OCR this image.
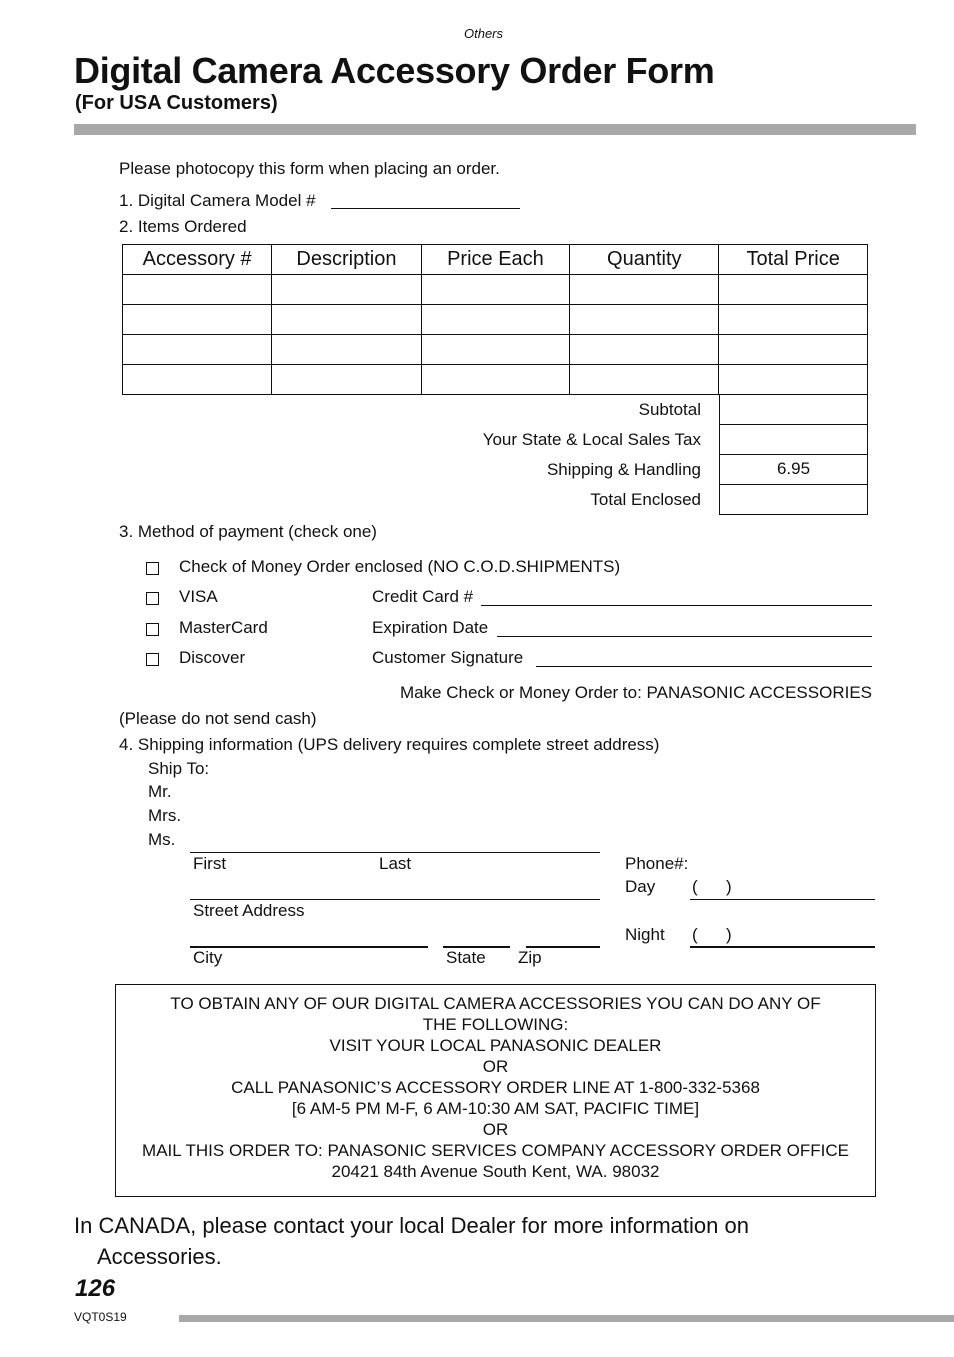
Others
Digital Camera Accessory Order Form
(For USA Customers)
Please photocopy this form when placing an order.
1. Digital Camera Model #
2. Items Ordered
Accessory #	Description	Price Each	Quantity	Total Price

Subtotal
Your State & Local Sales Tax
Shipping & Handling	6.95
Total Enclosed
3. Method of payment (check one)
Check of Money Order enclosed (NO C.O.D.SHIPMENTS)
VISA	Credit Card #
MasterCard	Expiration Date
Discover	Customer Signature
Make Check or Money Order to: PANASONIC ACCESSORIES
(Please do not send cash)
4. Shipping information (UPS delivery requires complete street address)
Ship To:
Mr.
Mrs.
Ms.
First	Last
Street Address
City	State Zip
Phone#:
Day (      )
Night (      )
TO OBTAIN ANY OF OUR DIGITAL CAMERA ACCESSORIES YOU CAN DO ANY OF
THE FOLLOWING:
VISIT YOUR LOCAL PANASONIC DEALER
OR
CALL PANASONIC’S ACCESSORY ORDER LINE AT 1-800-332-5368
[6 AM-5 PM M-F, 6 AM-10:30 AM SAT, PACIFIC TIME]
OR
MAIL THIS ORDER TO: PANASONIC SERVICES COMPANY ACCESSORY ORDER OFFICE
20421 84th Avenue South Kent, WA. 98032
In CANADA, please contact your local Dealer for more information on
Accessories.
126
VQT0S19
